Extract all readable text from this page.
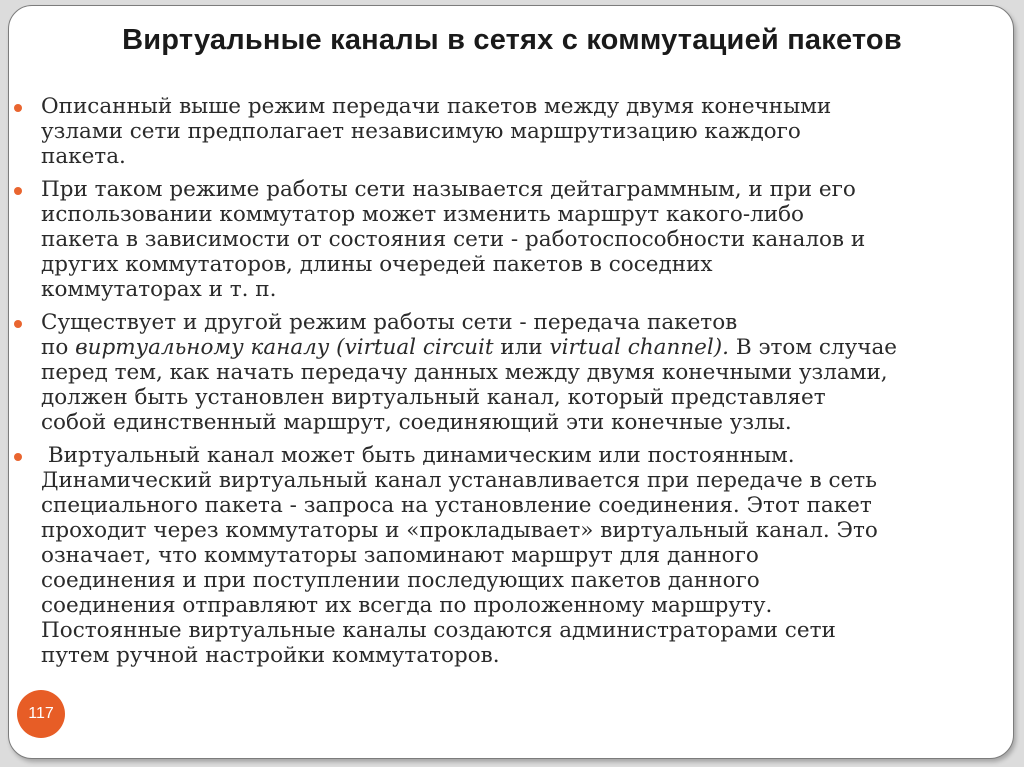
Виртуальные каналы в сетях с коммутацией пакетов
Описанный выше режим передачи пакетов между двумя конечными
узлами сети предполагает независимую маршрутизацию каждого
пакета.
При таком режиме работы сети называется дейтаграммным, и при его
использовании коммутатор может изменить маршрут какого-либо
пакета в зависимости от состояния сети - работоспособности каналов и
других коммутаторов, длины очередей пакетов в соседних
коммутаторах и т. п.
Существует и другой режим работы сети - передача пакетов
по виртуальному каналу (virtual circuit или virtual channel). В этом случае
перед тем, как начать передачу данных между двумя конечными узлами,
должен быть установлен виртуальный канал, который представляет
собой единственный маршрут, соединяющий эти конечные узлы.
Виртуальный канал может быть динамическим или постоянным.
Динамический виртуальный канал устанавливается при передаче в сеть
специального пакета - запроса на установление соединения. Этот пакет
проходит через коммутаторы и «прокладывает» виртуальный канал. Это
означает, что коммутаторы запоминают маршрут для данного
соединения и при поступлении последующих пакетов данного
соединения отправляют их всегда по проложенному маршруту.
Постоянные виртуальные каналы создаются администраторами сети
путем ручной настройки коммутаторов.
117
